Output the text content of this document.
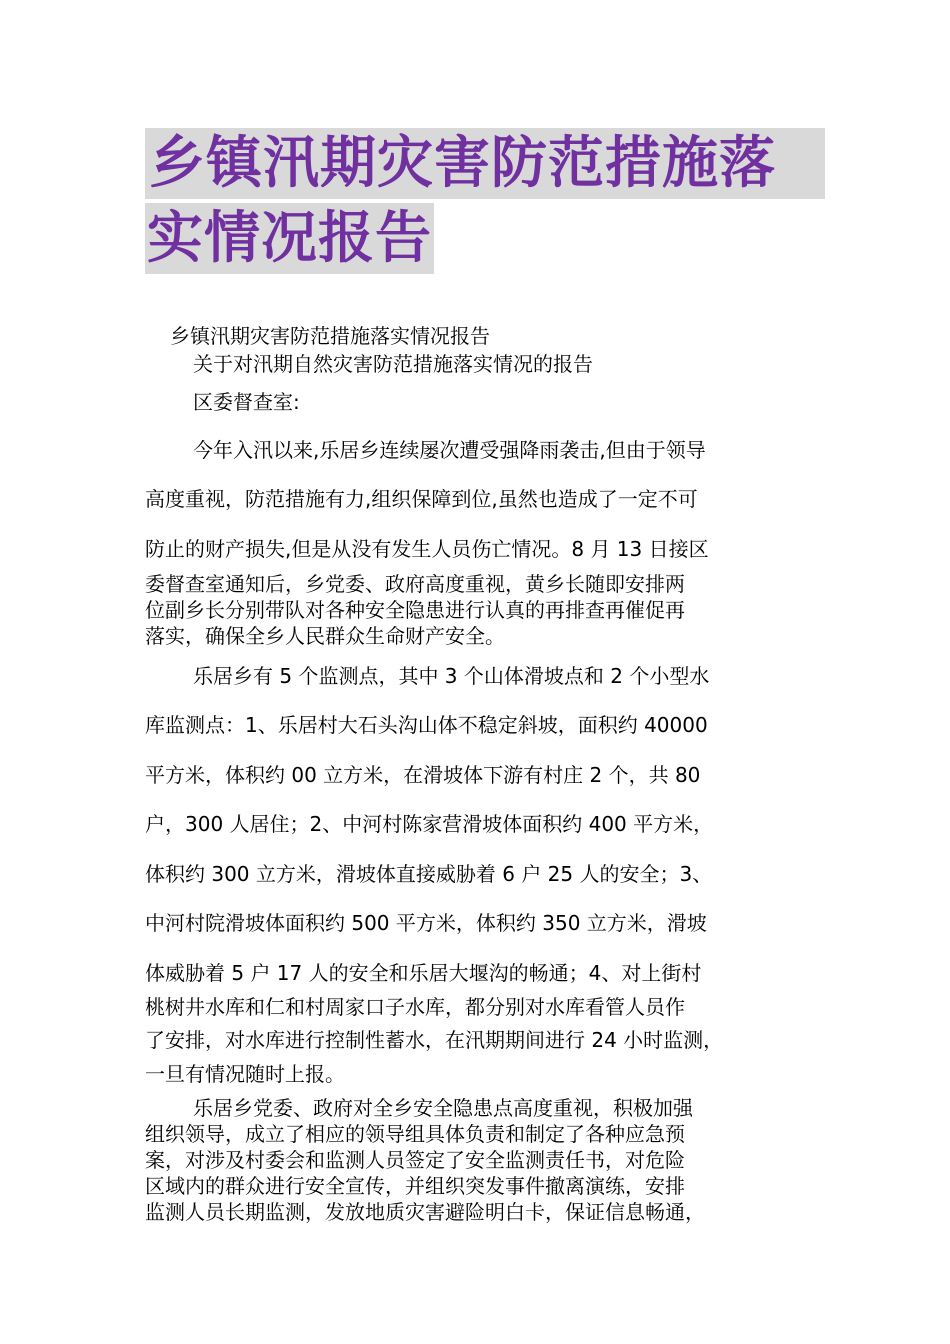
乡镇汛期灾害防范措施落
实情况报告
乡镇汛期灾害防范措施落实情况报告
关于对汛期自然灾害防范措施落实情况的报告
区委督查室:
今年入汛以来,乐居乡连续屡次遭受强降雨袭击,但由于领导
高度重视，防范措施有力,组织保障到位,虽然也造成了一定不可
防止的财产损失,但是从没有发生人员伤亡情况。8 月 13 日接区
委督查室通知后，乡党委、政府高度重视，黄乡长随即安排两
位副乡长分别带队对各种安全隐患进行认真的再排查再催促再
落实，确保全乡人民群众生命财产安全。
乐居乡有 5 个监测点，其中 3 个山体滑坡点和 2 个小型水
库监测点：1、乐居村大石头沟山体不稳定斜坡，面积约 40000
平方米，体积约 00 立方米，在滑坡体下游有村庄 2 个，共 80
户，300 人居住；2、中河村陈家营滑坡体面积约 400 平方米，
体积约 300 立方米，滑坡体直接威胁着 6 户 25 人的安全；3、
中河村院滑坡体面积约 500 平方米，体积约 350 立方米，滑坡
体威胁着 5 户 17 人的安全和乐居大堰沟的畅通；4、对上街村
桃树井水库和仁和村周家口子水库，都分别对水库看管人员作
了安排，对水库进行控制性蓄水，在汛期期间进行 24 小时监测，
一旦有情况随时上报。
乐居乡党委、政府对全乡安全隐患点高度重视，积极加强
组织领导，成立了相应的领导组具体负责和制定了各种应急预
案，对涉及村委会和监测人员签定了安全监测责任书，对危险
区域内的群众进行安全宣传，并组织突发事件撤离演练，安排
监测人员长期监测，发放地质灾害避险明白卡，保证信息畅通，
